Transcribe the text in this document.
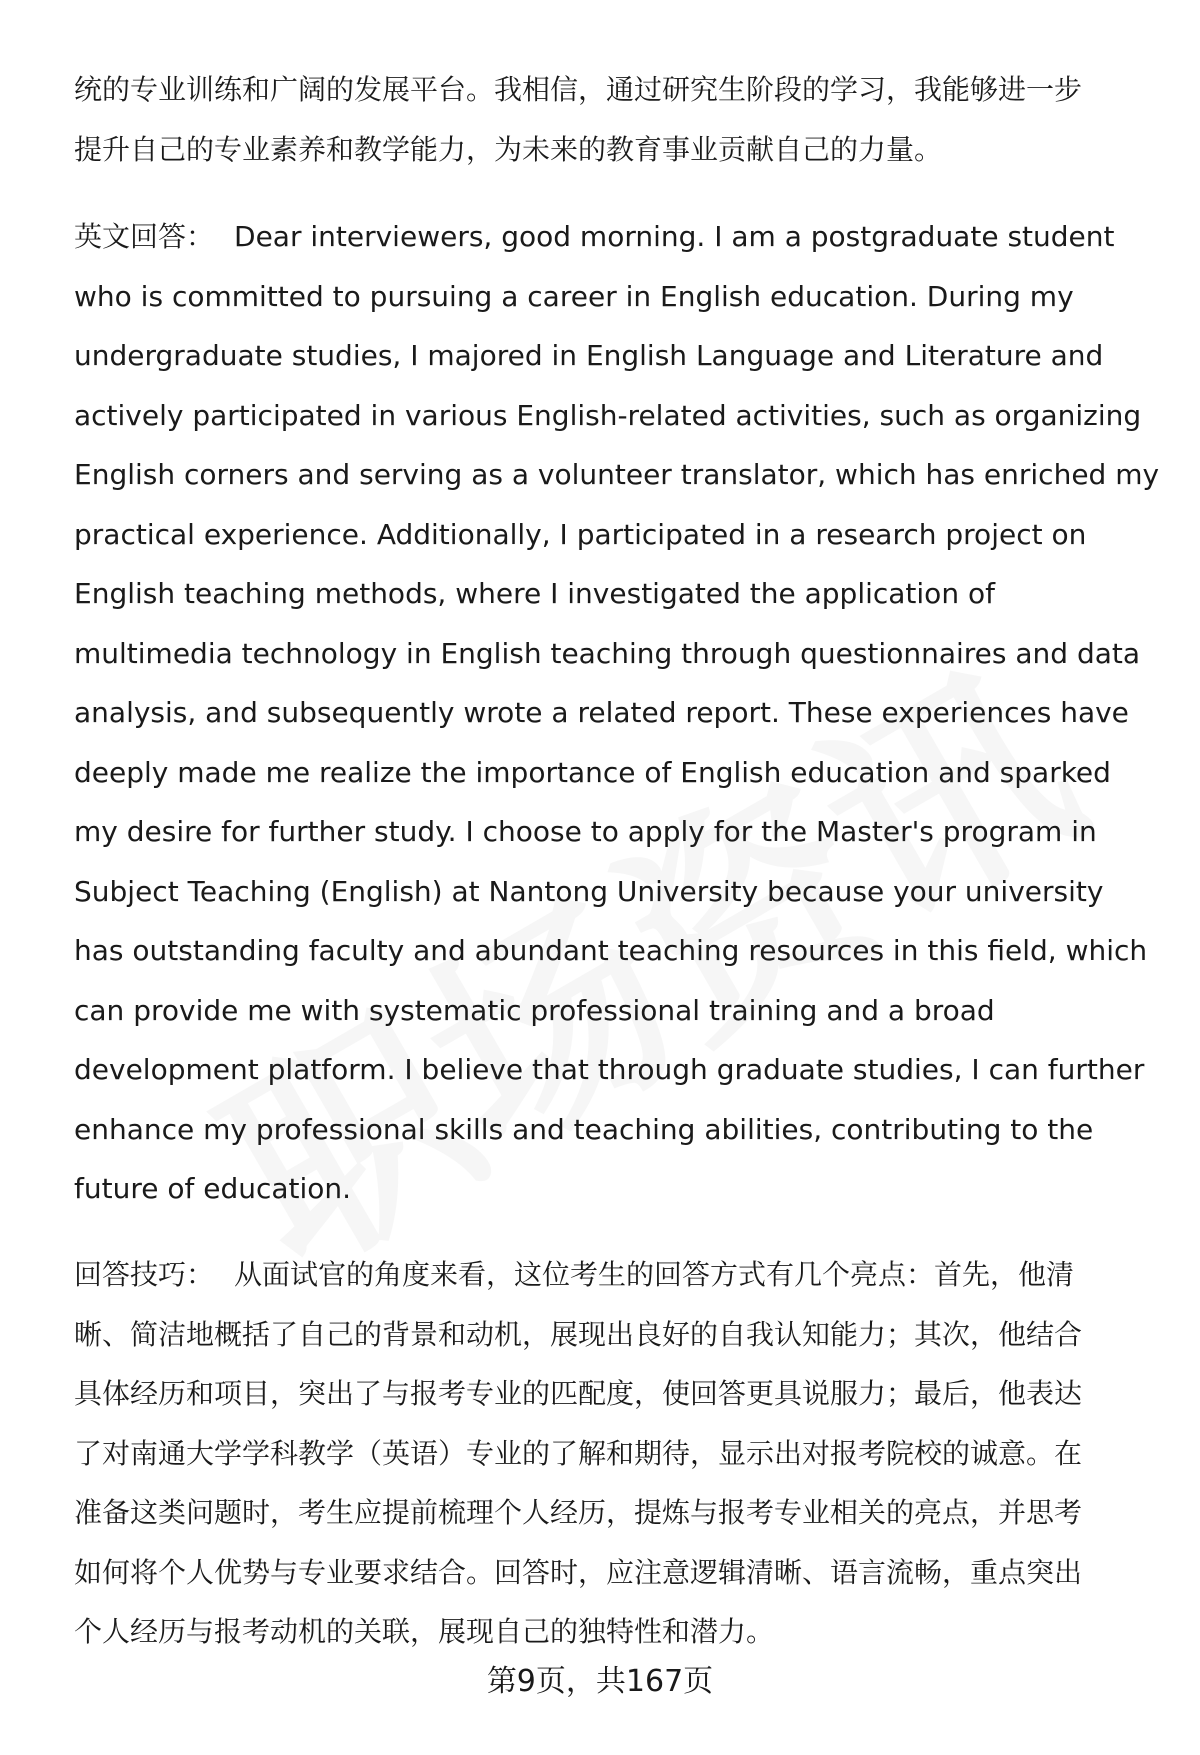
统的专业训练和广阔的发展平台。我相信，通过研究生阶段的学习，我能够进一步
提升自己的专业素养和教学能力，为未来的教育事业贡献自己的力量。

英文回答： Dear interviewers, good morning. I am a postgraduate student
who is committed to pursuing a career in English education. During my
undergraduate studies, I majored in English Language and Literature and
actively participated in various English-related activities, such as organizing
English corners and serving as a volunteer translator, which has enriched my
practical experience. Additionally, I participated in a research project on
English teaching methods, where I investigated the application of
multimedia technology in English teaching through questionnaires and data
analysis, and subsequently wrote a related report. These experiences have
deeply made me realize the importance of English education and sparked
my desire for further study. I choose to apply for the Master's program in
Subject Teaching (English) at Nantong University because your university
has outstanding faculty and abundant teaching resources in this field, which
can provide me with systematic professional training and a broad
development platform. I believe that through graduate studies, I can further
enhance my professional skills and teaching abilities, contributing to the
future of education.

回答技巧： 从面试官的角度来看，这位考生的回答方式有几个亮点：首先，他清
晰、简洁地概括了自己的背景和动机，展现出良好的自我认知能力；其次，他结合
具体经历和项目，突出了与报考专业的匹配度，使回答更具说服力；最后，他表达
了对南通大学学科教学（英语）专业的了解和期待，显示出对报考院校的诚意。在
准备这类问题时，考生应提前梳理个人经历，提炼与报考专业相关的亮点，并思考
如何将个人优势与专业要求结合。回答时，应注意逻辑清晰、语言流畅，重点突出
个人经历与报考动机的关联，展现自己的独特性和潜力。

第9页，共167页
